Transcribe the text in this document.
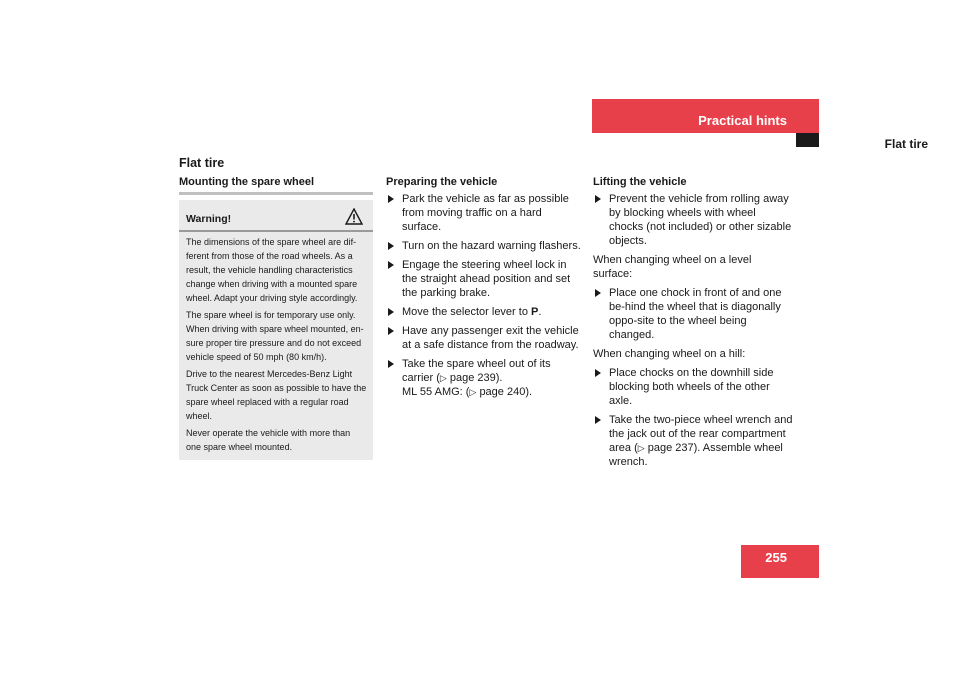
Practical hints
Flat tire
255
Flat tire
Mounting the spare wheel
Warning!

The dimensions of the spare wheel are dif-ferent from those of the road wheels. As a result, the vehicle handling characteristics change when driving with a mounted spare wheel. Adapt your driving style accordingly.

The spare wheel is for temporary use only. When driving with spare wheel mounted, en-sure proper tire pressure and do not exceed vehicle speed of 50 mph (80 km/h).

Drive to the nearest Mercedes-Benz Light Truck Center as soon as possible to have the spare wheel replaced with a regular road wheel.

Never operate the vehicle with more than one spare wheel mounted.

Preparing the vehicle
Park the vehicle as far as possible from moving traffic on a hard surface.
Turn on the hazard warning flashers.
Engage the steering wheel lock in the straight ahead position and set the parking brake.
Move the selector lever to P.
Have any passenger exit the vehicle at a safe distance from the roadway.
Take the spare wheel out of its carrier (▷ page 239).
ML 55 AMG: (▷ page 240).
Lifting the vehicle
Prevent the vehicle from rolling away by blocking wheels with wheel chocks (not included) or other sizable objects.

When changing wheel on a level surface:

Place one chock in front of and one be-hind the wheel that is diagonally oppo-site to the wheel being changed.

When changing wheel on a hill:

Place chocks on the downhill side blocking both wheels of the other axle.
Take the two-piece wheel wrench and the jack out of the rear compartment area (▷ page 237). Assemble wheel wrench.
